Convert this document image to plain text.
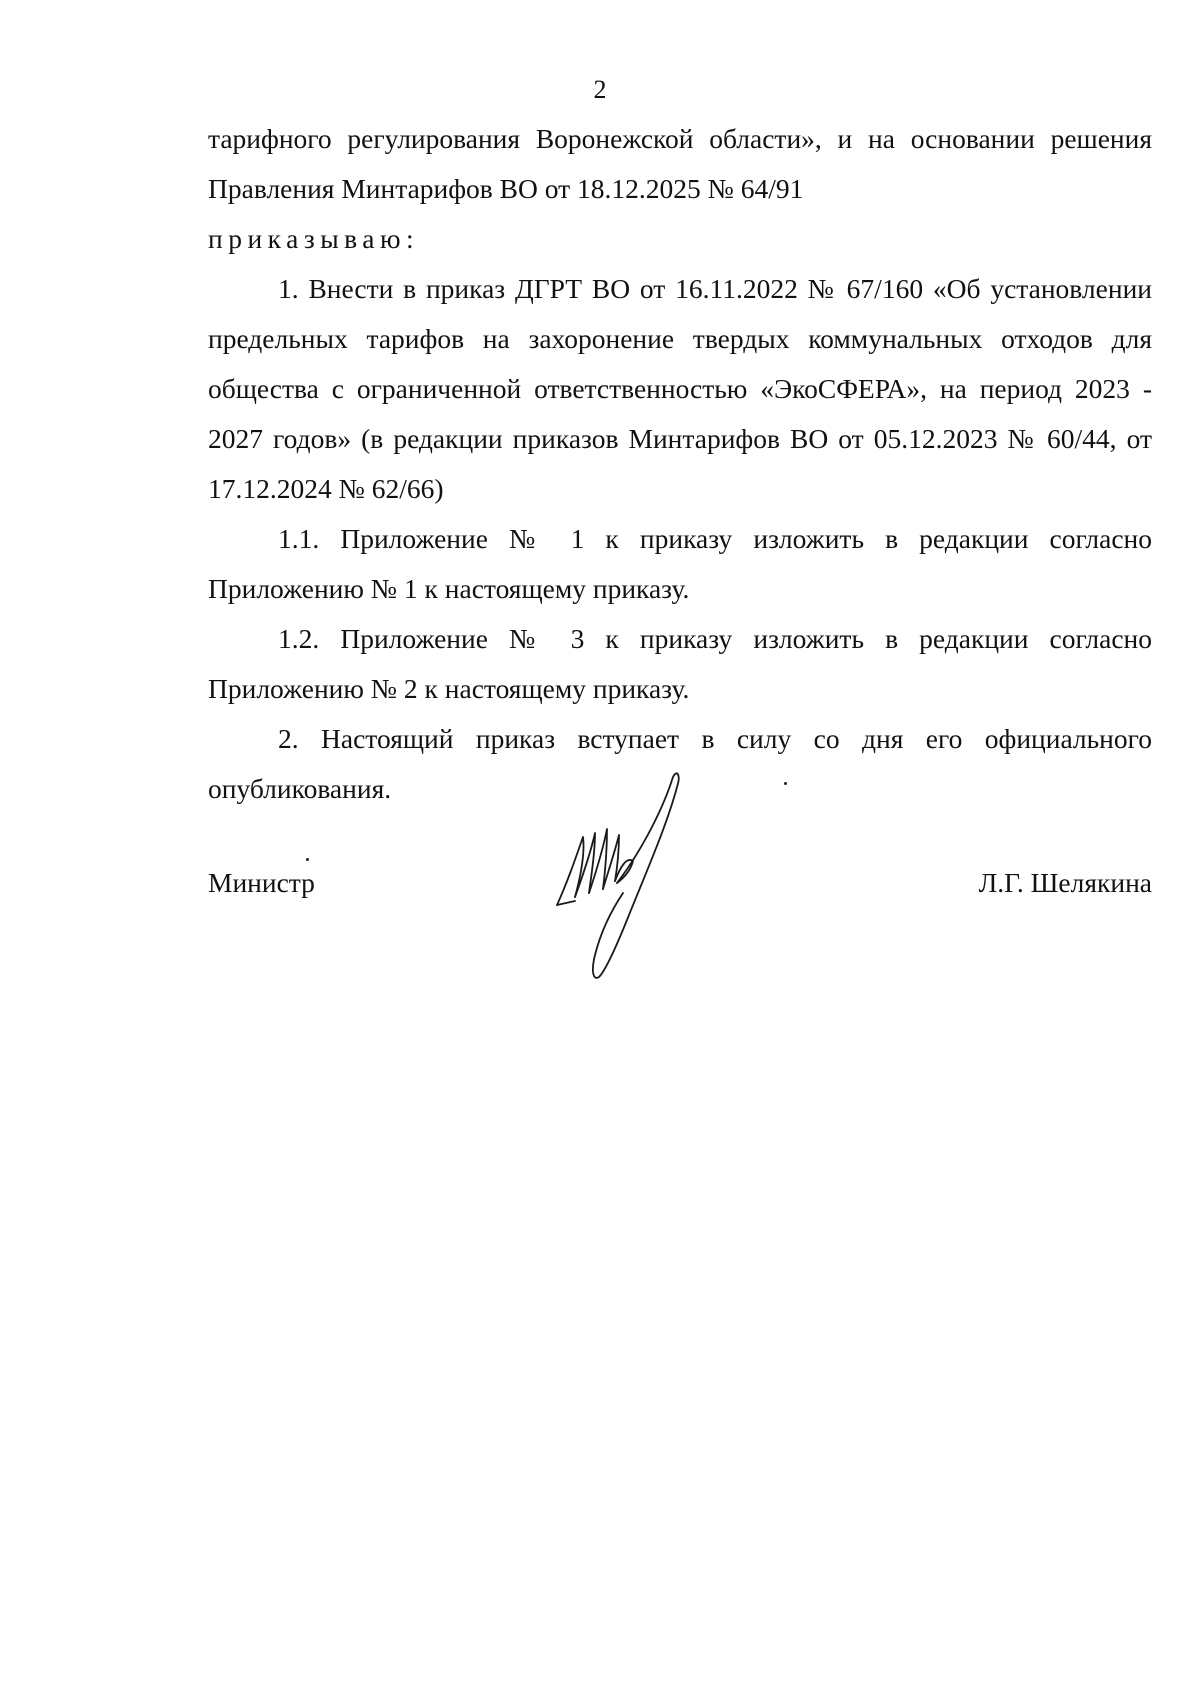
2

тарифного регулирования Воронежской области», и на основании решения Правления Минтарифов ВО от 18.12.2025 № 64/91

приказываю:

1. Внести в приказ ДГРТ ВО от 16.11.2022 № 67/160 «Об установлении предельных тарифов на захоронение твердых коммунальных отходов для общества с ограниченной ответственностью «ЭкоСФЕРА», на период 2023 - 2027 годов» (в редакции приказов Минтарифов ВО от 05.12.2023 № 60/44, от 17.12.2024 № 62/66)

1.1. Приложение № 1 к приказу изложить в редакции согласно Приложению № 1 к настоящему приказу.

1.2. Приложение № 3 к приказу изложить в редакции согласно Приложению № 2 к настоящему приказу.

2. Настоящий приказ вступает в силу со дня его официального опубликования.

Министр	Л.Г. Шелякина
